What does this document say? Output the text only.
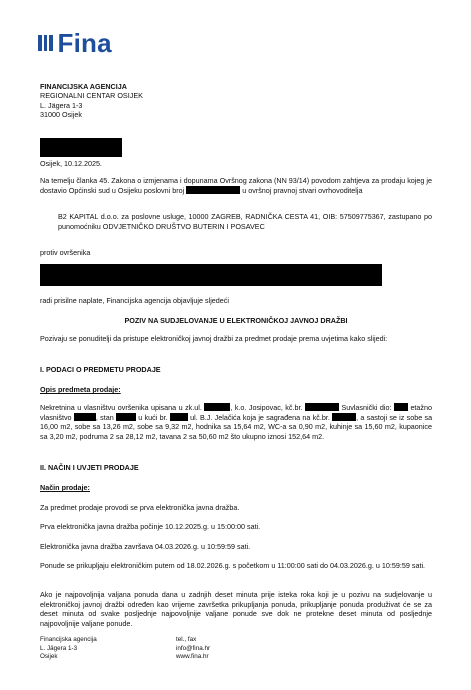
Fina
FINANCIJSKA AGENCIJA
REGIONALNI CENTAR OSIJEK
L. Jägera 1-3
31000 Osijek
Osijek, 10.12.2025.
Na temelju članka 45. Zakona o izmjenama i dopunama Ovršnog zakona (NN 93/14) povodom zahtjeva za prodaju kojeg je dostavio Općinski sud u Osijeku poslovni broj	u ovršnoj pravnoj stvari ovrhovoditelja
B2 KAPITAL d.o.o. za poslovne usluge, 10000 ZAGREB, RADNIČKA CESTA 41, OIB: 57509775367, zastupano po punomoćniku ODVJETNIČKO DRUŠTVO BUTERIN I POSAVEC
protiv ovršenika
radi prisilne naplate, Financijska agencija objavljuje sljedeći
POZIV NA SUDJELOVANJE U ELEKTRONIČKOJ JAVNOJ DRAŽBI
Pozivaju se ponuditelji da pristupe elektroničkoj javnoj dražbi za predmet prodaje prema uvjetima kako slijedi:
I. PODACI O PREDMETU PRODAJE
Opis predmeta prodaje:
Nekretnina u vlasništvu ovršenika upisana u zk.ul.	, k.o. Josipovac, kč.br.	Suvlasnički dio:	etažno vlasništvo	, stan	u kući br.	ul. B.J. Jelačića koja je sagrađena na kč.br.	, a sastoji se iz sobe sa 16,00 m2, sobe sa 13,26 m2, sobe sa 9,32 m2, hodnika sa 15,64 m2, WC-a sa 0,90 m2, kuhinje sa 15,60 m2, kupaonice sa 3,20 m2, podruma 2 sa 28,12 m2, tavana 2 sa 50,60 m2 što ukupno iznosi 152,64 m2.
II. NAČIN I UVJETI PRODAJE
Način prodaje:
Za predmet prodaje provodi se prva elektronička javna dražba.
Prva elektronička javna dražba počinje 10.12.2025.g. u 15:00:00 sati.
Elektronička javna dražba završava 04.03.2026.g. u 10:59:59 sati.
Ponude se prikupljaju elektroničkim putem od 18.02.2026.g. s početkom u 11:00:00 sati do 04.03.2026.g. u 10:59:59 sati.
Ako je najpovoljnija valjana ponuda dana u zadnjih deset minuta prije isteka roka koji je u pozivu na sudjelovanje u elektroničkoj javnoj dražbi određen kao vrijeme završetka prikupljanja ponuda, prikupljanje ponuda produživat će se za deset minuta od svake posljednje najpovoljnije valjane ponude sve dok ne protekne deset minuta od posljednje najpovoljnije valjane ponude.
Financijska agencija
L. Jägera 1-3
Osijek
tel., fax
info@fina.hr
www.fina.hr
